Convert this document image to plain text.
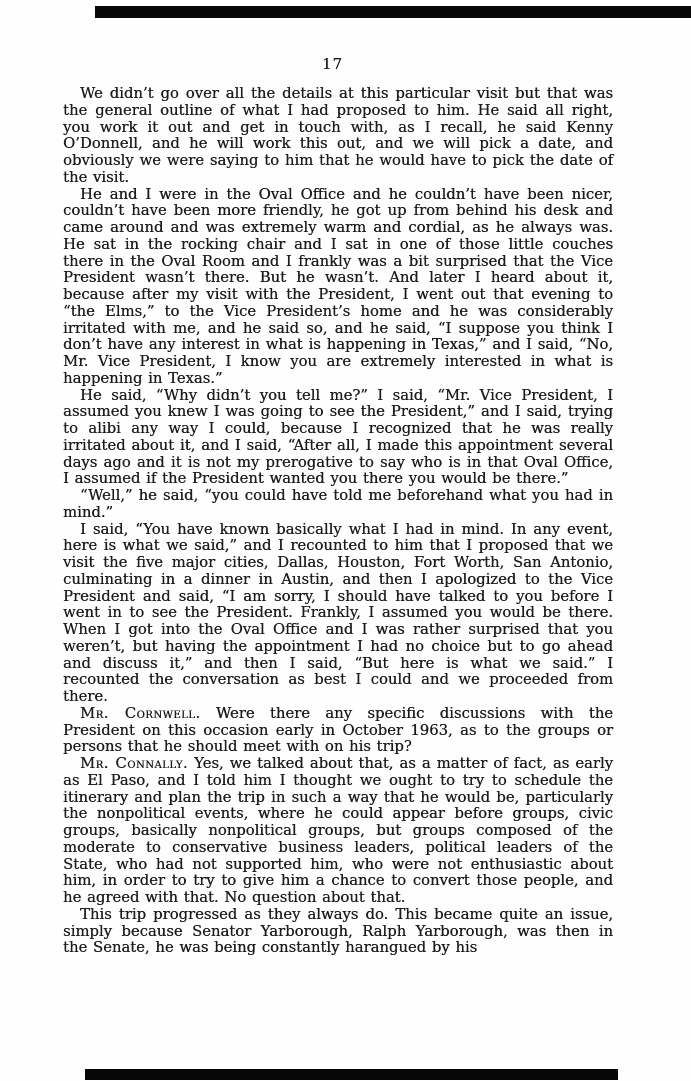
17

We didn’t go over all the details at this particular visit but that was the general outline of what I had proposed to him. He said all right, you work it out and get in touch with, as I recall, he said Kenny O’Donnell, and he will work this out, and we will pick a date, and obviously we were saying to him that he would have to pick the date of the visit.

He and I were in the Oval Office and he couldn’t have been nicer, couldn’t have been more friendly, he got up from behind his desk and came around and was extremely warm and cordial, as he always was. He sat in the rocking chair and I sat in one of those little couches there in the Oval Room and I frankly was a bit surprised that the Vice President wasn’t there. But he wasn’t. And later I heard about it, because after my visit with the President, I went out that evening to “the Elms,” to the Vice President’s home and he was considerably irritated with me, and he said so, and he said, “I suppose you think I don’t have any interest in what is happening in Texas,” and I said, “No, Mr. Vice President, I know you are extremely interested in what is happening in Texas.”

He said, “Why didn’t you tell me?” I said, “Mr. Vice President, I assumed you knew I was going to see the President,” and I said, trying to alibi any way I could, because I recognized that he was really irritated about it, and I said, “After all, I made this appointment several days ago and it is not my prerogative to say who is in that Oval Office, I assumed if the President wanted you there you would be there.”

“Well,” he said, “you could have told me beforehand what you had in mind.”

I said, “You have known basically what I had in mind. In any event, here is what we said,” and I recounted to him that I proposed that we visit the five major cities, Dallas, Houston, Fort Worth, San Antonio, culminating in a dinner in Austin, and then I apologized to the Vice President and said, “I am sorry, I should have talked to you before I went in to see the President. Frankly, I assumed you would be there. When I got into the Oval Office and I was rather surprised that you weren’t, but having the appointment I had no choice but to go ahead and discuss it,” and then I said, “But here is what we said.” I recounted the conversation as best I could and we proceeded from there.

Mr. Cornwell. Were there any specific discussions with the President on this occasion early in October 1963, as to the groups or persons that he should meet with on his trip?

Mr. Connally. Yes, we talked about that, as a matter of fact, as early as El Paso, and I told him I thought we ought to try to schedule the itinerary and plan the trip in such a way that he would be, particularly the nonpolitical events, where he could appear before groups, civic groups, basically nonpolitical groups, but groups composed of the moderate to conservative business leaders, political leaders of the State, who had not supported him, who were not enthusiastic about him, in order to try to give him a chance to convert those people, and he agreed with that. No question about that.

This trip progressed as they always do. This became quite an issue, simply because Senator Yarborough, Ralph Yarborough, was then in the Senate, he was being constantly harangued by his
